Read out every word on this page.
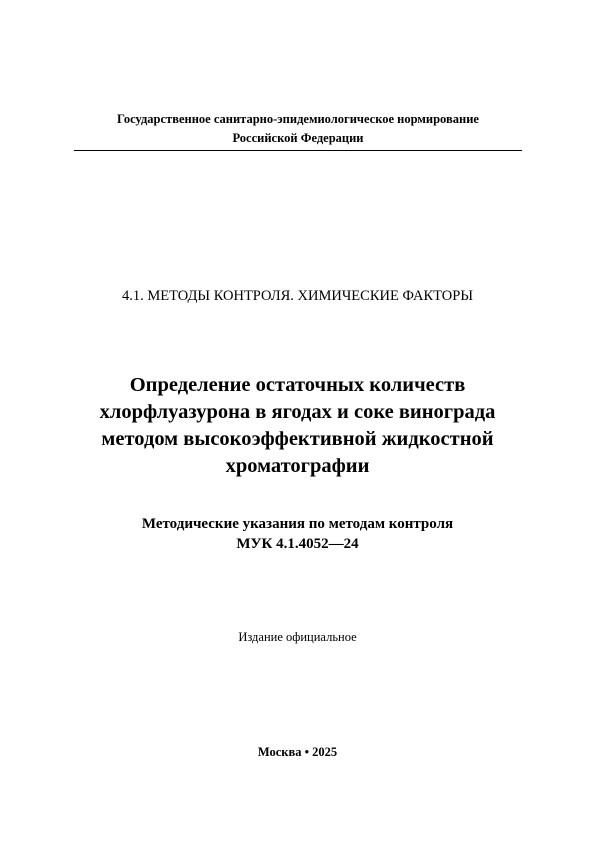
Государственное санитарно-эпидемиологическое нормирование
Российской Федерации
4.1. МЕТОДЫ КОНТРОЛЯ. ХИМИЧЕСКИЕ ФАКТОРЫ
Определение остаточных количеств
хлорфлуазурона в ягодах и соке винограда
методом высокоэффективной жидкостной
хроматографии
Методические указания по методам контроля
МУК 4.1.4052—24
Издание официальное
Москва • 2025
